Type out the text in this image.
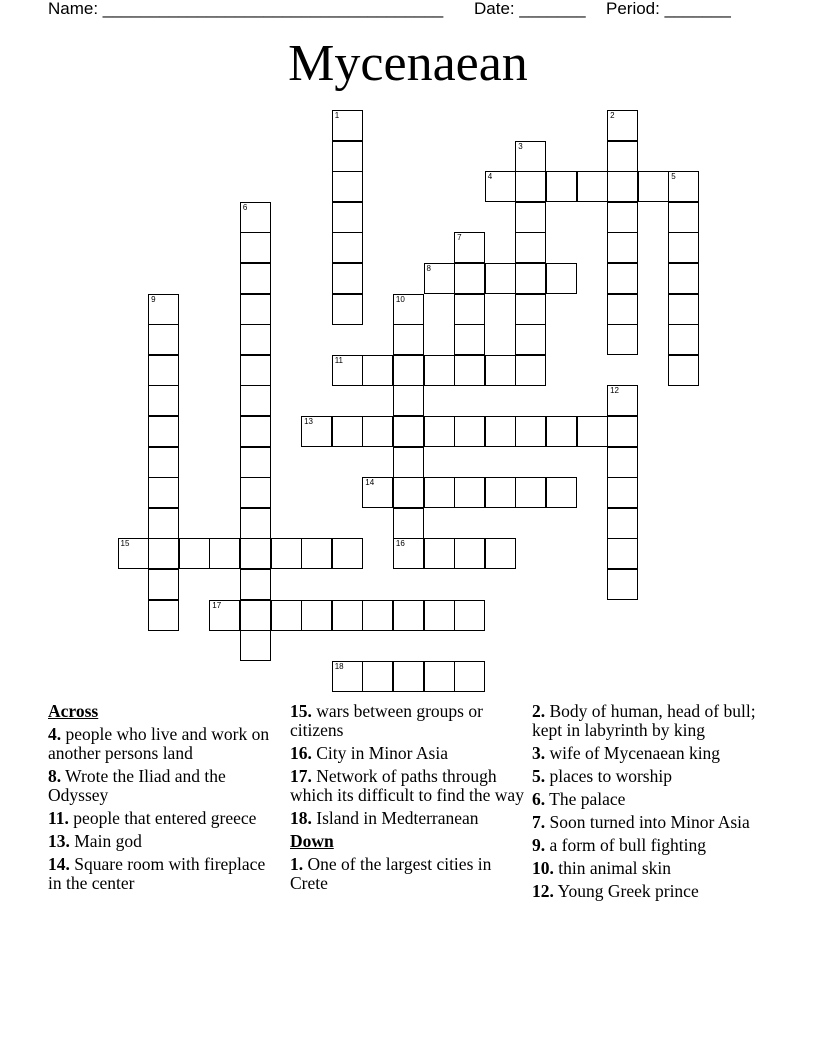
Name: ____________________________________ Date: _______ Period: _______
Mycenaean
4	5
8
11
13
14
15	16
17
18
1	2
3
6
7
9	10
12
Across
4. people who live and work on another persons land
8. Wrote the Iliad and the Odyssey
11. people that entered greece
13. Main god
14. Square room with fireplace in the center
15. wars between groups or citizens
16. City in Minor Asia
17. Network of paths through which its difficult to find the way
18. Island in Medterranean
Down
1. One of the largest cities in Crete
2. Body of human, head of bull; kept in labyrinth by king
3. wife of Mycenaean king
5. places to worship
6. The palace
7. Soon turned into Minor Asia
9. a form of bull fighting
10. thin animal skin
12. Young Greek prince
